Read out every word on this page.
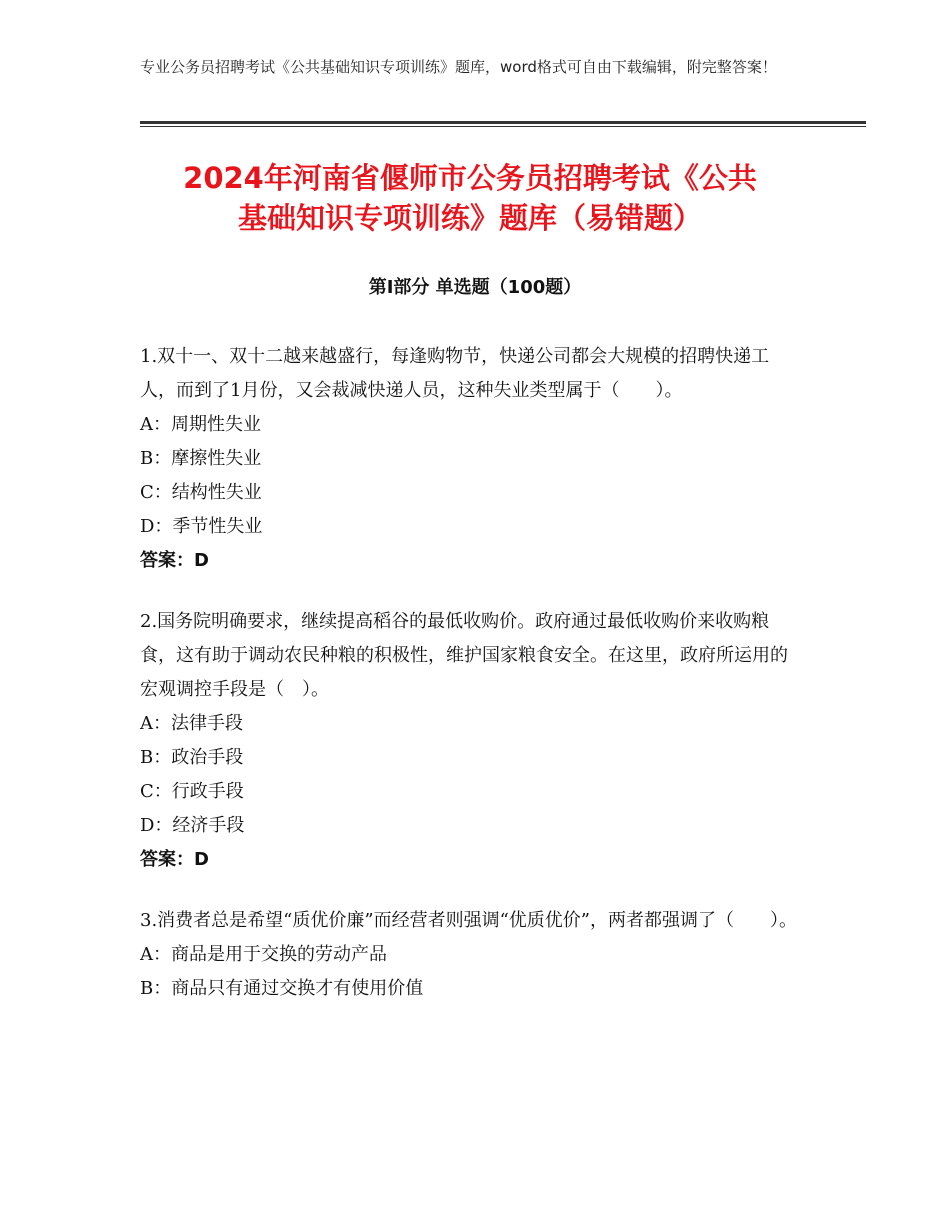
专业公务员招聘考试《公共基础知识专项训练》题库，word格式可自由下载编辑，附完整答案！
2024年河南省偃师市公务员招聘考试《公共
基础知识专项训练》题库（易错题）
第Ⅰ部分 单选题（100题）

1.双十一、双十二越来越盛行，每逢购物节，快递公司都会大规模的招聘快递工人，而到了1月份，又会裁减快递人员，这种失业类型属于（　　）。

A：周期性失业

B：摩擦性失业

C：结构性失业

D：季节性失业

答案：D

2.国务院明确要求，继续提高稻谷的最低收购价。政府通过最低收购价来收购粮食，这有助于调动农民种粮的积极性，维护国家粮食安全。在这里，政府所运用的宏观调控手段是（　）。

A：法律手段

B：政治手段

C：行政手段

D：经济手段

答案：D

3.消费者总是希望“质优价廉”而经营者则强调“优质优价”，两者都强调了（　　）。

A：商品是用于交换的劳动产品

B：商品只有通过交换才有使用价值
